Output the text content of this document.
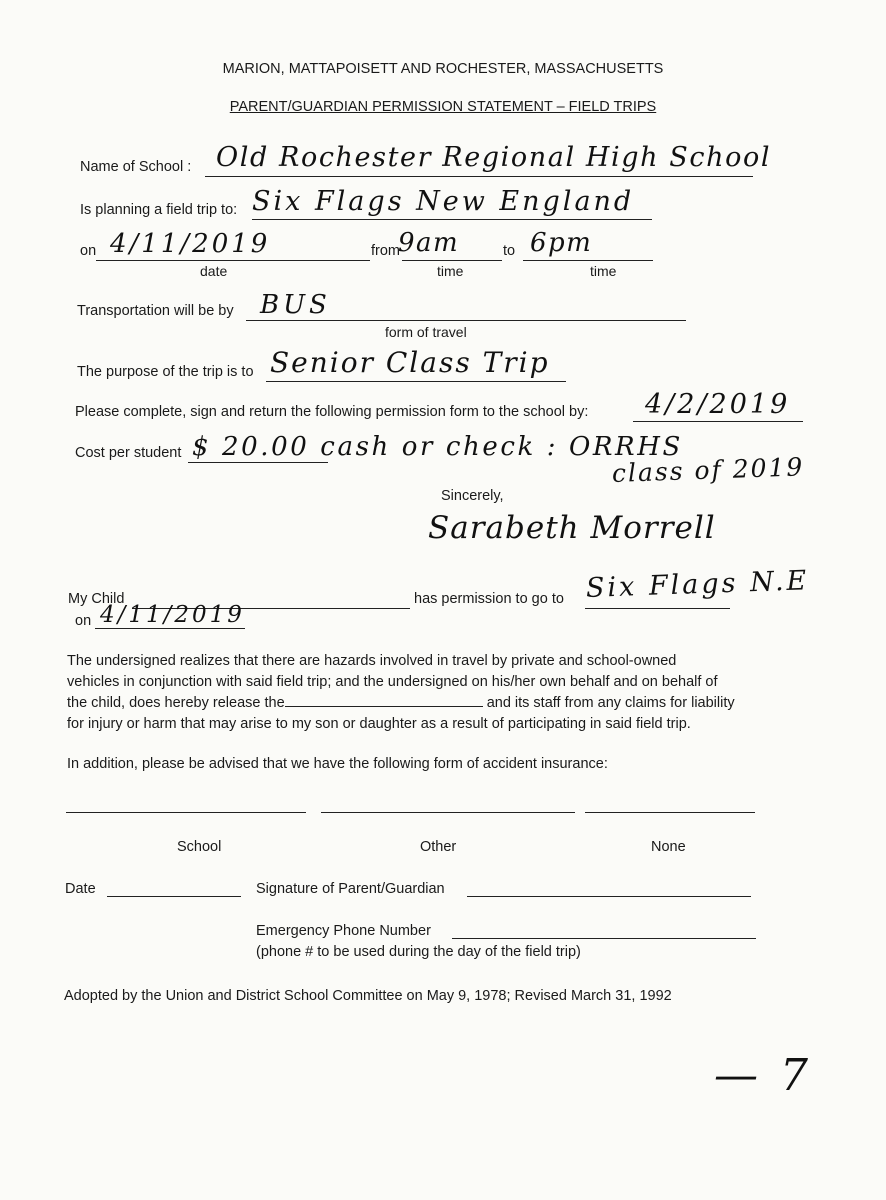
MARION, MATTAPOISETT AND ROCHESTER, MASSACHUSETTS
PARENT/GUARDIAN PERMISSION STATEMENT – FIELD TRIPS
Name of School : Old Rochester Regional High School
Is planning a field trip to: Six Flags New England
on 4/11/2019
date
from
9am
time
to 6pm
time
Transportation will be by BUS
form of travel
The purpose of the trip is to Senior Class Trip
Please complete, sign and return the following permission form to the school by: 4/2/2019
Cost per student $ 20.00 cash or check : ORRHS
class of 2019
Sincerely,
Sarabeth Morrell
My Child	has permission to go to Six Flags N.E
on 4/11/2019
The undersigned realizes that there are hazards involved in travel by private and school-owned
vehicles in conjunction with said field trip; and the undersigned on his/her own behalf and on behalf of
the child, does hereby release the	and its staff from any claims for liability
for injury or harm that may arise to my son or daughter as a result of participating in said field trip.
In addition, please be advised that we have the following form of accident insurance:
School	Other	None
Date	Signature of Parent/Guardian
Emergency Phone Number
(phone # to be used during the day of the field trip)
Adopted by the Union and District School Committee on May 9, 1978; Revised March 31, 1992
— 7
